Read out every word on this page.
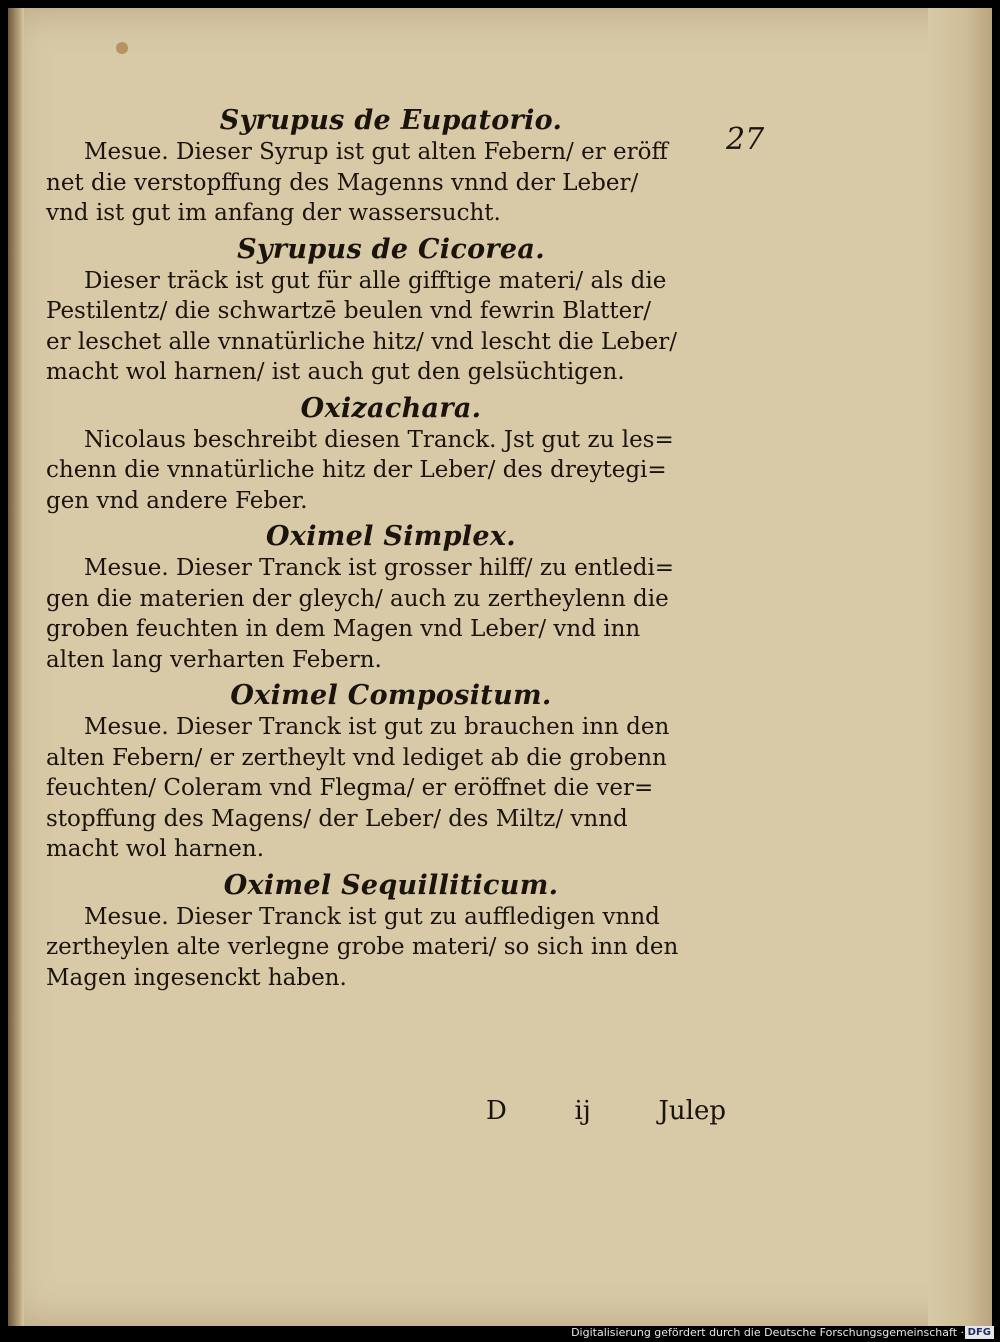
27

Syrupus de Eupatorio.

Mesue. Dieser Syrup ist gut alten Febern/ er eröff
net die verstopffung des Magenns vnnd der Leber/
vnd ist gut im anfang der wassersucht.

Syrupus de Cicorea.

Dieser träck ist gut für alle gifftige materi/ als die
Pestilentz/ die schwartzē beulen vnd fewrin Blatter/
er leschet alle vnnatürliche hitz/ vnd lescht die Leber/
macht wol harnen/ ist auch gut den gelsüchtigen.

Oxizachara.

Nicolaus beschreibt diesen Tranck. Jst gut zu les=
chenn die vnnatürliche hitz der Leber/ des dreytegi=
gen vnd andere Feber.

Oximel Simplex.

Mesue. Dieser Tranck ist grosser hilff/ zu entledi=
gen die materien der gleych/ auch zu zertheylenn die
groben feuchten in dem Magen vnd Leber/ vnd inn
alten lang verharten Febern.

Oximel Compositum.

Mesue. Dieser Tranck ist gut zu brauchen inn den
alten Febern/ er zertheylt vnd lediget ab die grobenn
feuchten/ Coleram vnd Flegma/ er eröffnet die ver=
stopffung des Magens/ der Leber/ des Miltz/ vnnd
macht wol harnen.

Oximel Sequilliticum.

Mesue. Dieser Tranck ist gut zu auffledigen vnnd
zertheylen alte verlegne grobe materi/ so sich inn den
Magen ingesenckt haben.

D	ij	Julep
Digitalisierung gefördert durch die Deutsche Forschungsgemeinschaft · DFG
